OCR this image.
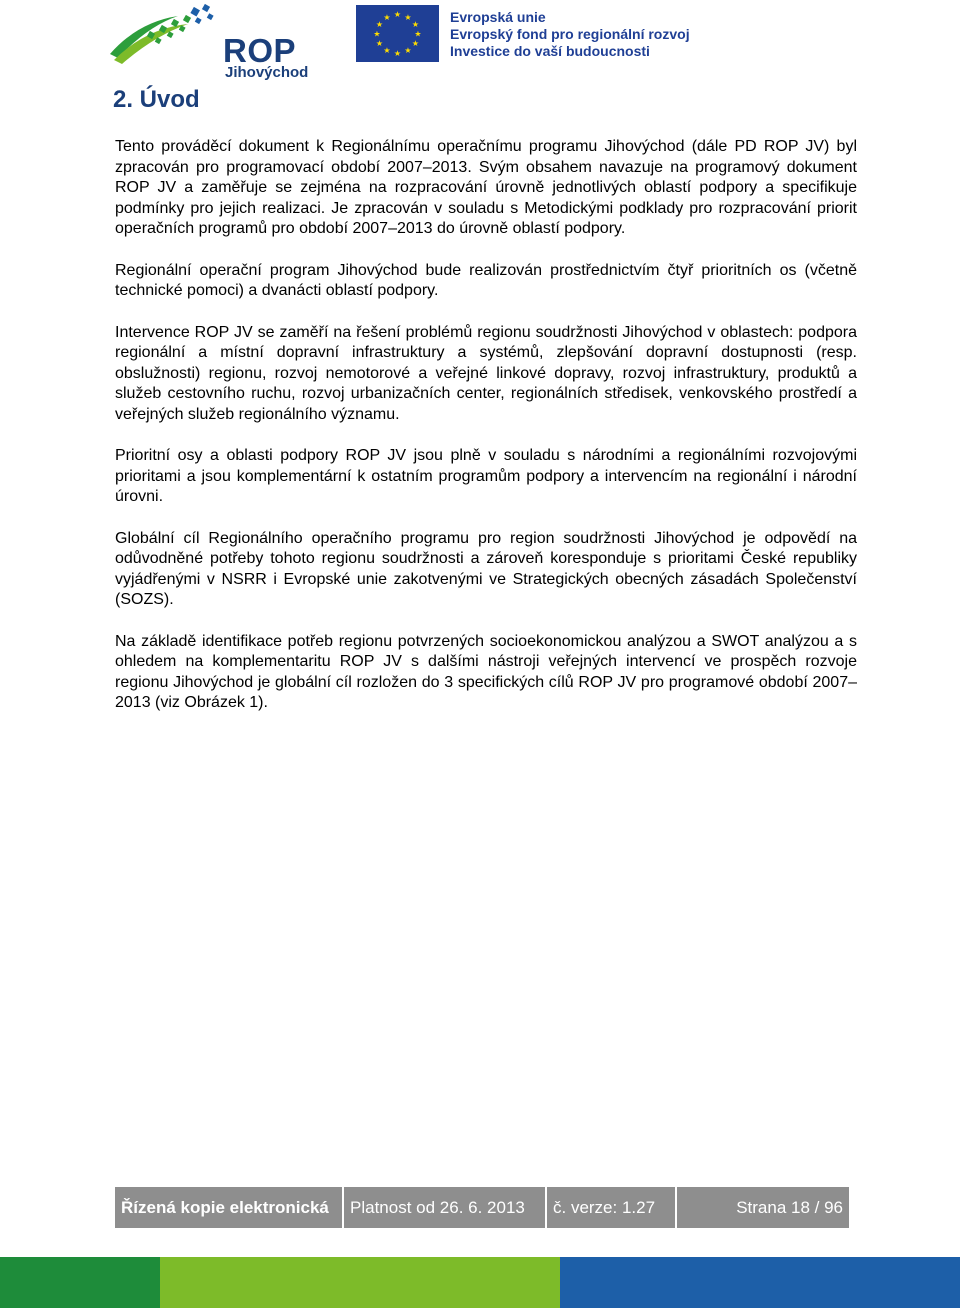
ROP
Jihovýchod
★ ★
★
★
★
★
★
★
★
★
★
★	Evropská unie
Evropský fond pro regionální rozvoj
Investice do vaší budoucnosti
2. Úvod

Tento prováděcí dokument k Regionálnímu operačnímu programu Jihovýchod (dále PD ROP JV) byl zpracován pro programovací období 2007–2013. Svým obsahem navazuje na programový dokument ROP JV a zaměřuje se zejména na rozpracování úrovně jednotlivých oblastí podpory a specifikuje podmínky pro jejich realizaci. Je zpracován v souladu s Metodickými podklady pro rozpracování priorit operačních programů pro období 2007–2013 do úrovně oblastí podpory.

Regionální operační program Jihovýchod bude realizován prostřednictvím čtyř prioritních os (včetně technické pomoci) a dvanácti oblastí podpory.

Intervence ROP JV se zaměří na řešení problémů regionu soudržnosti Jihovýchod v oblastech: podpora regionální a místní dopravní infrastruktury a systémů, zlepšování dopravní dostupnosti (resp. obslužnosti) regionu, rozvoj nemotorové a veřejné linkové dopravy, rozvoj infrastruktury, produktů a služeb cestovního ruchu, rozvoj urbanizačních center, regionálních středisek, venkovského prostředí a veřejných služeb regionálního významu.

Prioritní osy a oblasti podpory ROP JV jsou plně v souladu s národními a regionálními rozvojovými prioritami a jsou komplementární k ostatním programům podpory a intervencím na regionální i národní úrovni.

Globální cíl Regionálního operačního programu pro region soudržnosti Jihovýchod je odpovědí na odůvodněné potřeby tohoto regionu soudržnosti a zároveň koresponduje s prioritami České republiky vyjádřenými v NSRR i Evropské unie zakotvenými ve Strategických obecných zásadách Společenství (SOZS).

Na základě identifikace potřeb regionu potvrzených socioekonomickou analýzou a SWOT analýzou a s ohledem na komplementaritu ROP JV s dalšími nástroji veřejných intervencí ve prospěch rozvoje regionu Jihovýchod je globální cíl rozložen do 3 specifických cílů ROP JV pro programové období 2007–2013 (viz Obrázek 1).

Řízená kopie elektronická	Platnost od 26. 6. 2013	č. verze: 1.27	Strana 18 / 96
